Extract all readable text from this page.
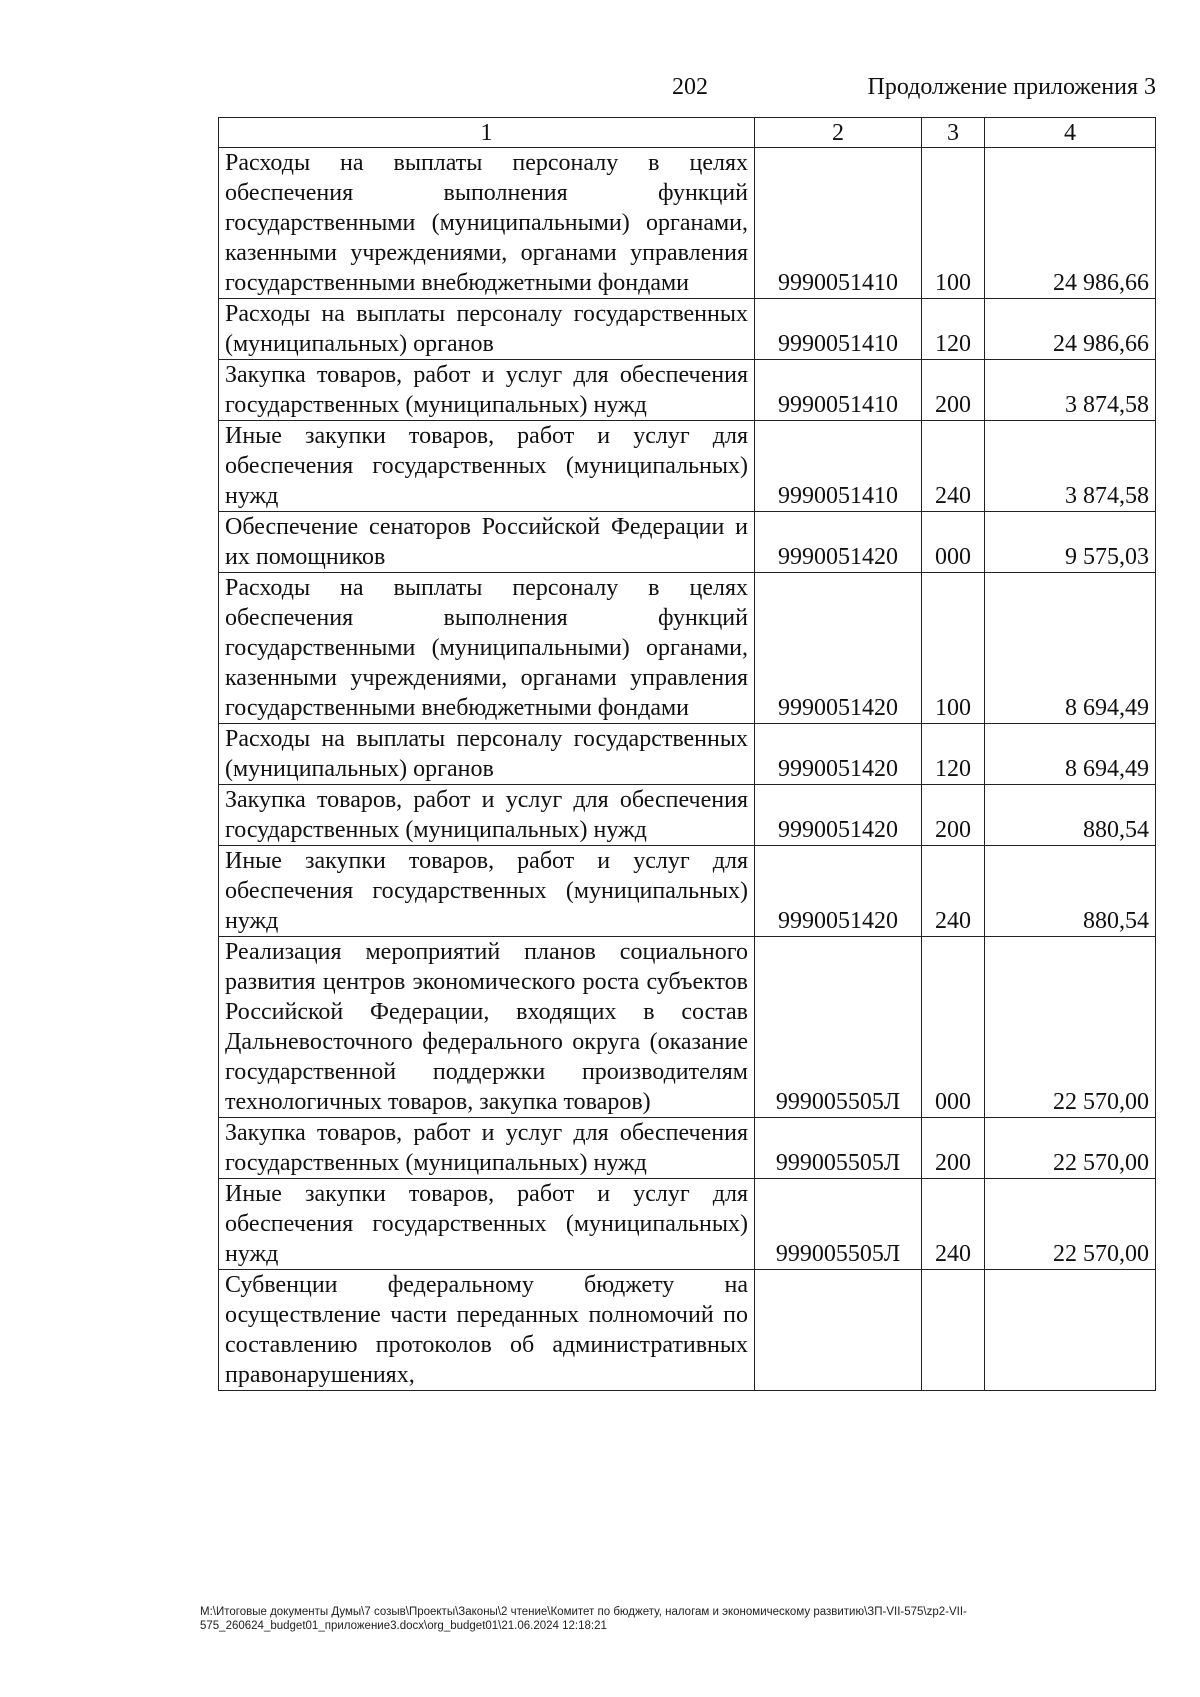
202	Продолжение приложения 3
1	2	3	4
Расходы на выплаты персоналу в целях обеспечения выполнения функций государственными (муниципальными) органами, казенными учреждениями, органами управления государственными внебюджетными фондами	9990051410	100	24 986,66
Расходы на выплаты персоналу государственных (муниципальных) органов	9990051410	120	24 986,66
Закупка товаров, работ и услуг для обеспечения государственных (муниципальных) нужд	9990051410	200	3 874,58
Иные закупки товаров, работ и услуг для обеспечения государственных (муниципальных) нужд	9990051410	240	3 874,58
Обеспечение сенаторов Российской Федерации и их помощников	9990051420	000	9 575,03
Расходы на выплаты персоналу в целях обеспечения выполнения функций государственными (муниципальными) органами, казенными учреждениями, органами управления государственными внебюджетными фондами	9990051420	100	8 694,49
Расходы на выплаты персоналу государственных (муниципальных) органов	9990051420	120	8 694,49
Закупка товаров, работ и услуг для обеспечения государственных (муниципальных) нужд	9990051420	200	880,54
Иные закупки товаров, работ и услуг для обеспечения государственных (муниципальных) нужд	9990051420	240	880,54
Реализация мероприятий планов социального развития центров экономического роста субъектов Российской Федерации, входящих в состав Дальневосточного федерального округа (оказание государственной поддержки производителям технологичных товаров, закупка товаров)	999005505Л	000	22 570,00
Закупка товаров, работ и услуг для обеспечения государственных (муниципальных) нужд	999005505Л	200	22 570,00
Иные закупки товаров, работ и услуг для обеспечения государственных (муниципальных) нужд	999005505Л	240	22 570,00
Субвенции федеральному бюджету на осуществление части переданных полномочий по составлению протоколов об административных правонарушениях,			
M:\Итоговые документы Думы\7 созыв\Проекты\Законы\2 чтение\Комитет по бюджету, налогам и экономическому развитию\ЗП-VII-575\zp2-VII-575_260624_budget01_приложение3.docx\org_budget01\21.06.2024 12:18:21
